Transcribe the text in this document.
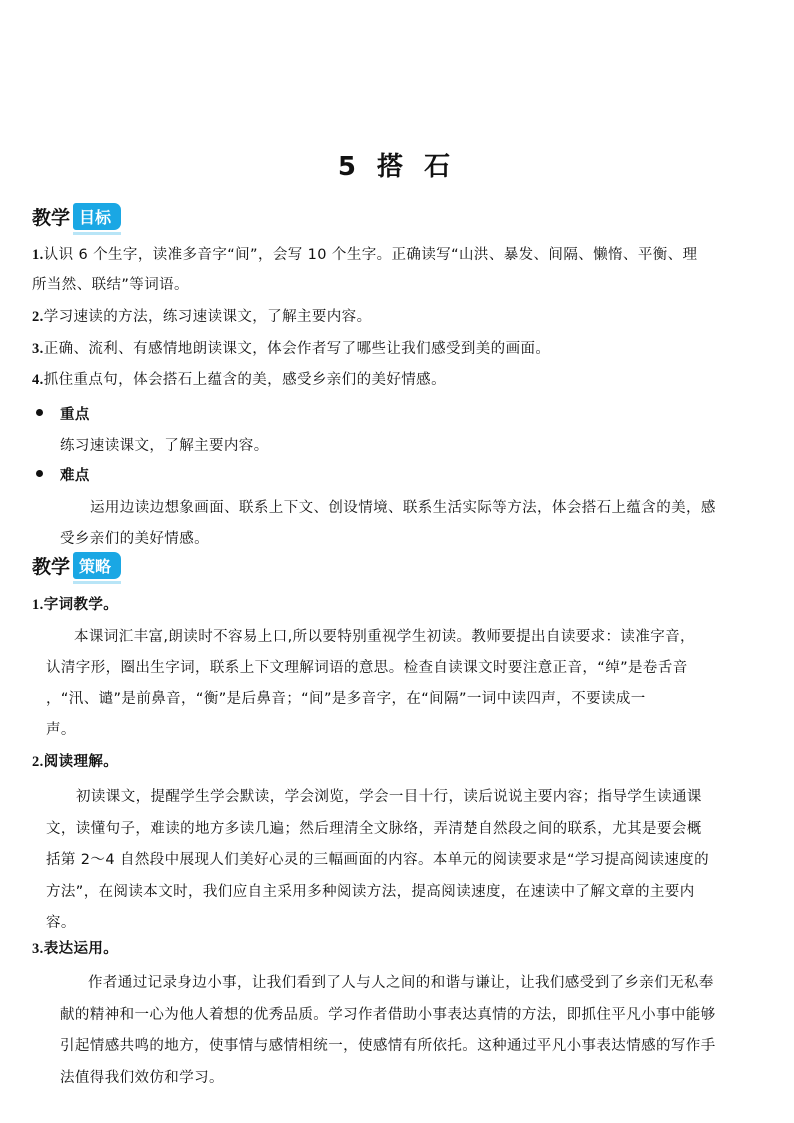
5 搭 石
教学 目标
1.认识 6 个生字，读准多音字“间”，会写 10 个生字。正确读写“山洪、暴发、间隔、懒惰、平衡、理
所当然、联结”等词语。
2.学习速读的方法，练习速读课文，了解主要内容。
3.正确、流利、有感情地朗读课文，体会作者写了哪些让我们感受到美的画面。
4.抓住重点句，体会搭石上蕴含的美，感受乡亲们的美好情感。
重点
练习速读课文，了解主要内容。
难点
运用边读边想象画面、联系上下文、创设情境、联系生活实际等方法，体会搭石上蕴含的美，感
受乡亲们的美好情感。
教学 策略
1.字词教学。
本课词汇丰富,朗读时不容易上口,所以要特别重视学生初读。教师要提出自读要求：读准字音，
认清字形，圈出生字词，联系上下文理解词语的意思。检查自读课文时要注意正音，“绰”是卷舌音
，“汛、谴”是前鼻音，“衡”是后鼻音；“间”是多音字，在“间隔”一词中读四声，不要读成一
声。
2.阅读理解。
初读课文，提醒学生学会默读，学会浏览，学会一目十行，读后说说主要内容；指导学生读通课
文，读懂句子，难读的地方多读几遍；然后理清全文脉络，弄清楚自然段之间的联系，尤其是要会概
括第 2～4 自然段中展现人们美好心灵的三幅画面的内容。本单元的阅读要求是“学习提高阅读速度的
方法”，在阅读本文时，我们应自主采用多种阅读方法，提高阅读速度，在速读中了解文章的主要内
容。
3.表达运用。
作者通过记录身边小事，让我们看到了人与人之间的和谐与谦让，让我们感受到了乡亲们无私奉
献的精神和一心为他人着想的优秀品质。学习作者借助小事表达真情的方法，即抓住平凡小事中能够
引起情感共鸣的地方，使事情与感情相统一，使感情有所依托。这种通过平凡小事表达情感的写作手
法值得我们效仿和学习。
